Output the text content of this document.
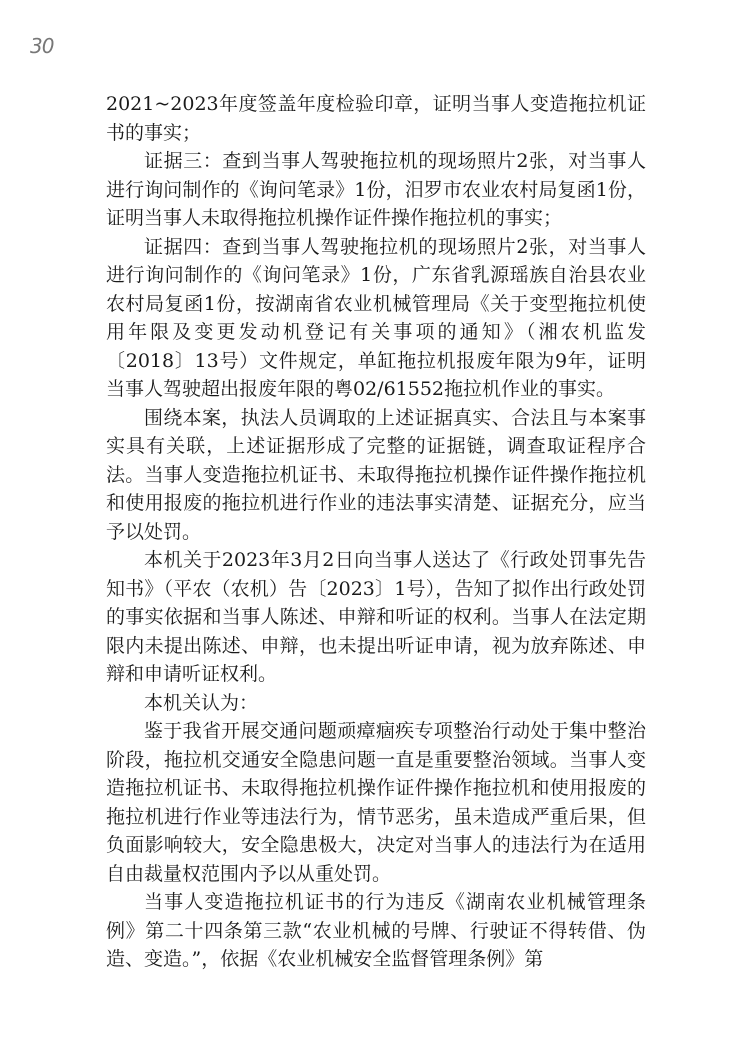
30

2021~2023年度签盖年度检验印章，证明当事人变造拖拉机证书的事实；

证据三：查到当事人驾驶拖拉机的现场照片2张，对当事人进行询问制作的《询问笔录》1份，汨罗市农业农村局复函1份，证明当事人未取得拖拉机操作证件操作拖拉机的事实；

证据四：查到当事人驾驶拖拉机的现场照片2张，对当事人进行询问制作的《询问笔录》1份，广东省乳源瑶族自治县农业农村局复函1份，按湖南省农业机械管理局《关于变型拖拉机使用年限及变更发动机登记有关事项的通知》（湘农机监发〔2018〕13号）文件规定，单缸拖拉机报废年限为9年，证明当事人驾驶超出报废年限的粤02/61552拖拉机作业的事实。

围绕本案，执法人员调取的上述证据真实、合法且与本案事实具有关联，上述证据形成了完整的证据链，调查取证程序合法。当事人变造拖拉机证书、未取得拖拉机操作证件操作拖拉机和使用报废的拖拉机进行作业的违法事实清楚、证据充分，应当予以处罚。

本机关于2023年3月2日向当事人送达了《行政处罚事先告知书》（平农（农机）告〔2023〕1号），告知了拟作出行政处罚的事实依据和当事人陈述、申辩和听证的权利。当事人在法定期限内未提出陈述、申辩，也未提出听证申请，视为放弃陈述、申辩和申请听证权利。

本机关认为：

鉴于我省开展交通问题顽瘴痼疾专项整治行动处于集中整治阶段，拖拉机交通安全隐患问题一直是重要整治领域。当事人变造拖拉机证书、未取得拖拉机操作证件操作拖拉机和使用报废的拖拉机进行作业等违法行为，情节恶劣，虽未造成严重后果，但负面影响较大，安全隐患极大，决定对当事人的违法行为在适用自由裁量权范围内予以从重处罚。

当事人变造拖拉机证书的行为违反《湖南农业机械管理条例》第二十四条第三款“农业机械的号牌、行驶证不得转借、伪造、变造。”，依据《农业机械安全监督管理条例》第
